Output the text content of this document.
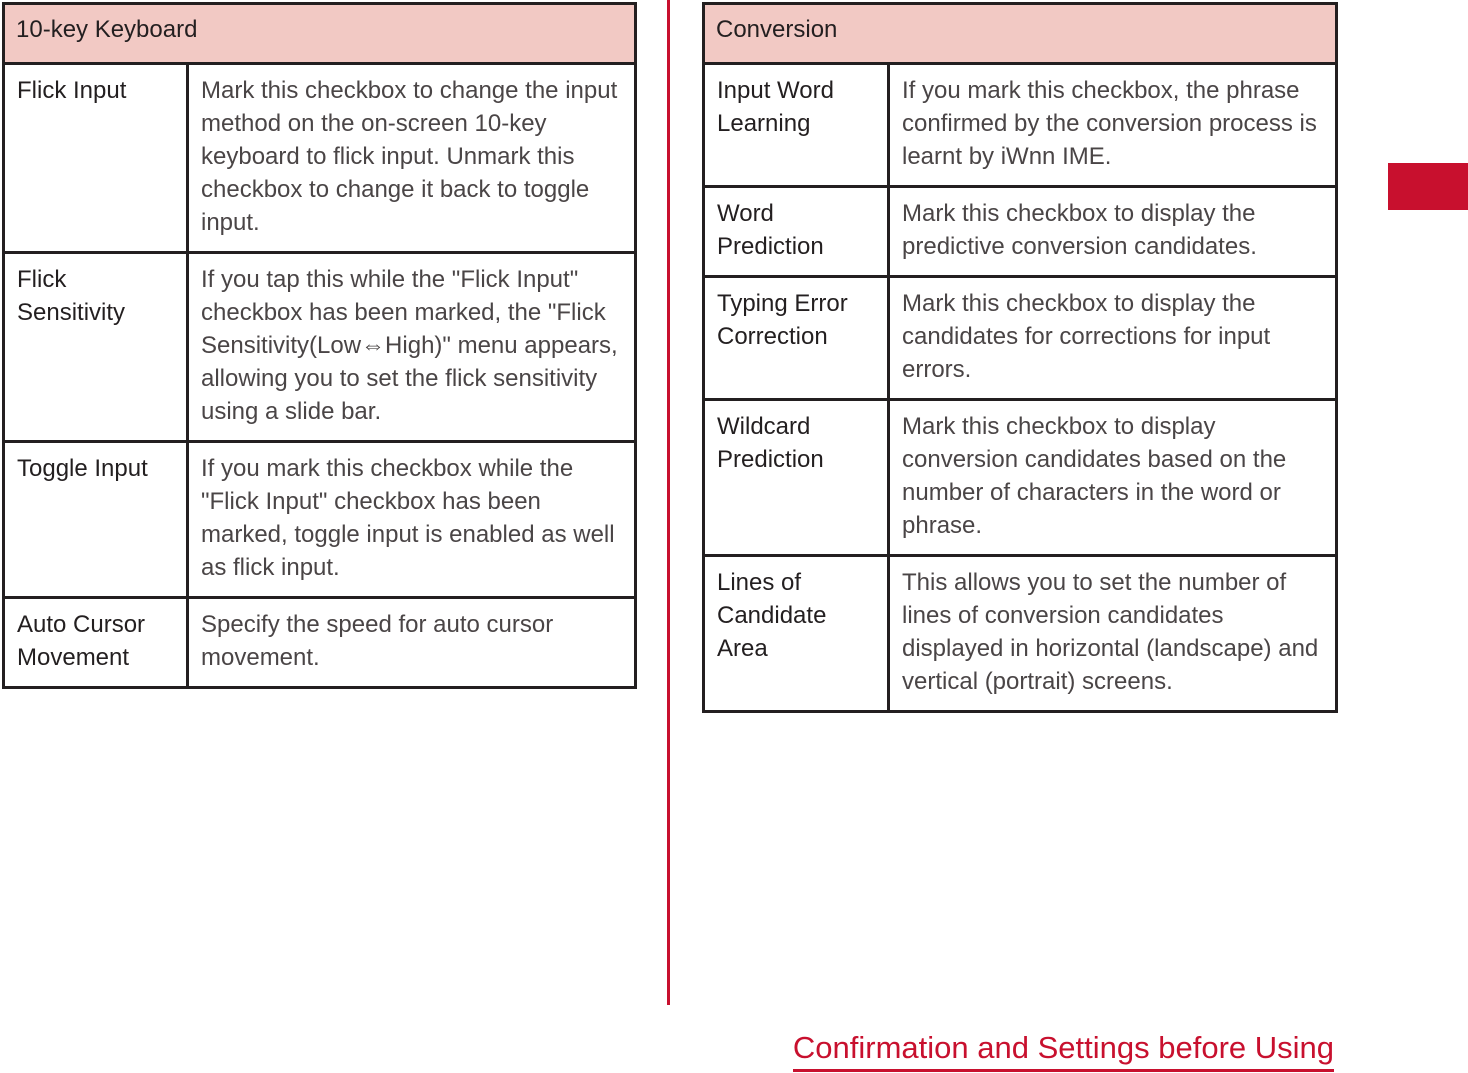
10-key Keyboard	
Flick Input	Mark this checkbox to change the input method on the on-screen 10-key keyboard to flick input. Unmark this checkbox to change it back to toggle input.
Flick Sensitivity	If you tap this while the "Flick Input" checkbox has been marked, the "Flick Sensitivity(Low⇔High)" menu appears, allowing you to set the flick sensitivity using a slide bar.
Toggle Input	If you mark this checkbox while the "Flick Input" checkbox has been marked, toggle input is enabled as well as flick input.
Auto Cursor Movement	Specify the speed for auto cursor movement.
Conversion	
Input Word Learning	If you mark this checkbox, the phrase confirmed by the conversion process is learnt by iWnn IME.
Word Prediction	Mark this checkbox to display the predictive conversion candidates.
Typing Error Correction	Mark this checkbox to display the candidates for corrections for input errors.
Wildcard Prediction	Mark this checkbox to display conversion candidates based on the number of characters in the word or phrase.
Lines of Candidate Area	This allows you to set the number of lines of conversion candidates displayed in horizontal (landscape) and vertical (portrait) screens.
Confirmation and Settings before Using
